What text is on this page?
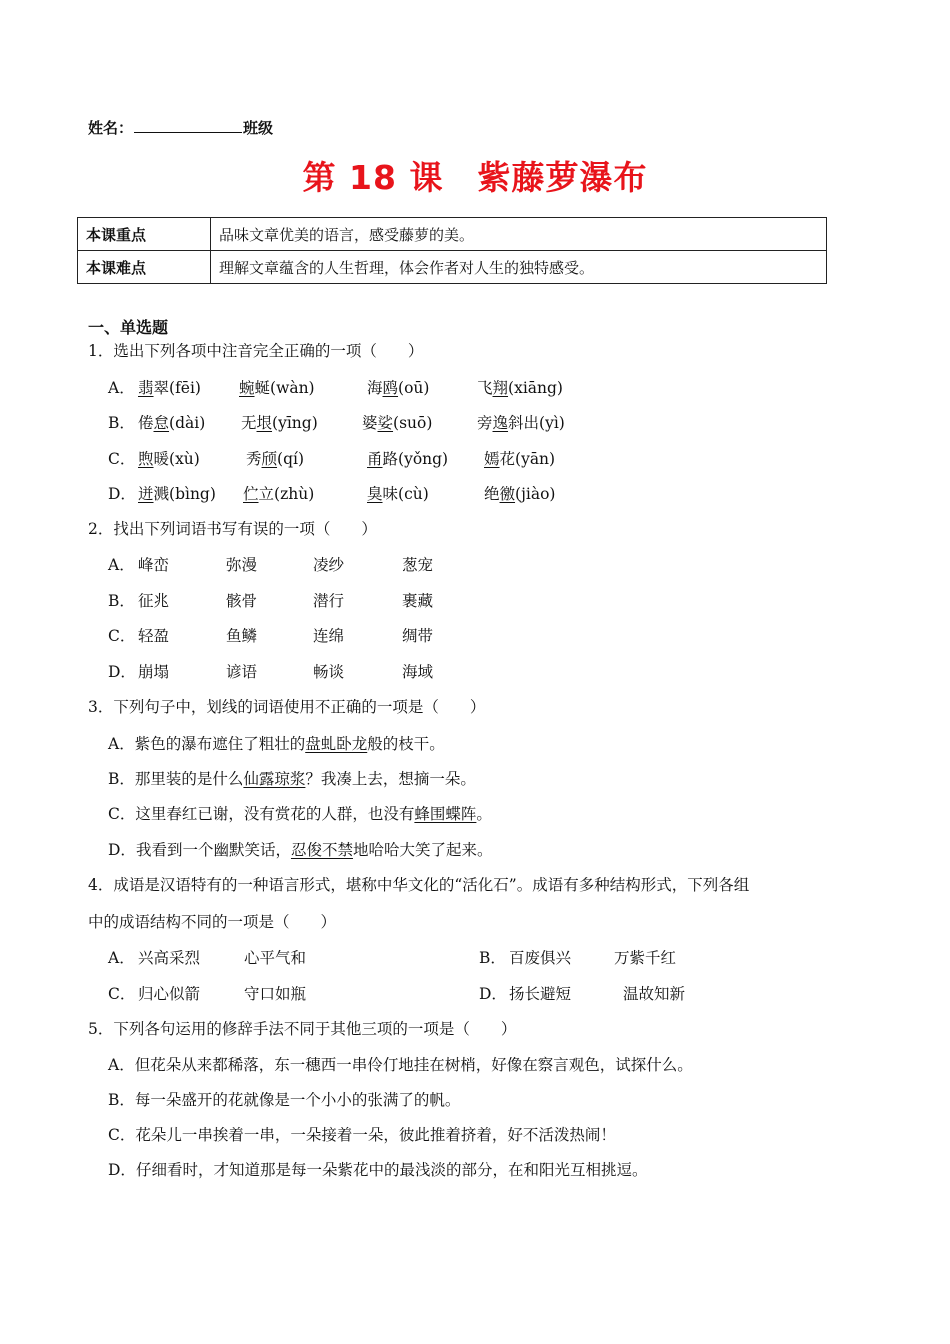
姓名：	班级
第 18 课　紫藤萝瀑布
本课重点	品味文章优美的语言，感受藤萝的美。
本课难点	理解文章蕴含的人生哲理，体会作者对人生的独特感受。
一、单选题
1．选出下列各项中注音完全正确的一项（　　）
A． 翡翠(fēi) 蜿蜒(wàn)	海鸥(oū)	飞翔(xiāng)
B． 倦怠(dài) 无垠(yīng)	婆娑(suō)	旁逸斜出(yì)
C． 煦暖(xù)	秀颀(qí)	甬路(yǒng) 嫣花(yān)
D． 迸溅(bìng) 伫立(zhù)	臭味(cù)	绝徼(jiào)
2．找出下列词语书写有误的一项（　　）
A． 峰峦	弥漫	凌纱	葱宠
B． 征兆	骸骨	潜行	裹藏
C． 轻盈	鱼鳞	连绵	绸带
D． 崩塌	谚语	畅谈	海域
3．下列句子中，划线的词语使用不正确的一项是（　　）
A．紫色的瀑布遮住了粗壮的盘虬卧龙般的枝干。
B．那里装的是什么仙露琼浆？我凑上去，想摘一朵。
C．这里春红已谢，没有赏花的人群，也没有蜂围蝶阵。
D．我看到一个幽默笑话，忍俊不禁地哈哈大笑了起来。
4．成语是汉语特有的一种语言形式，堪称中华文化的“活化石”。成语有多种结构形式，下列各组
中的成语结构不同的一项是（　　）
A． 兴高采烈	心平气和	B． 百废俱兴	万紫千红
C． 归心似箭	守口如瓶	D． 扬长避短	温故知新
5．下列各句运用的修辞手法不同于其他三项的一项是（　　）
A．但花朵从来都稀落，东一穗西一串伶仃地挂在树梢，好像在察言观色，试探什么。
B．每一朵盛开的花就像是一个小小的张满了的帆。
C．花朵儿一串挨着一串，一朵接着一朵，彼此推着挤着，好不活泼热闹！
D．仔细看时，才知道那是每一朵紫花中的最浅淡的部分，在和阳光互相挑逗。
